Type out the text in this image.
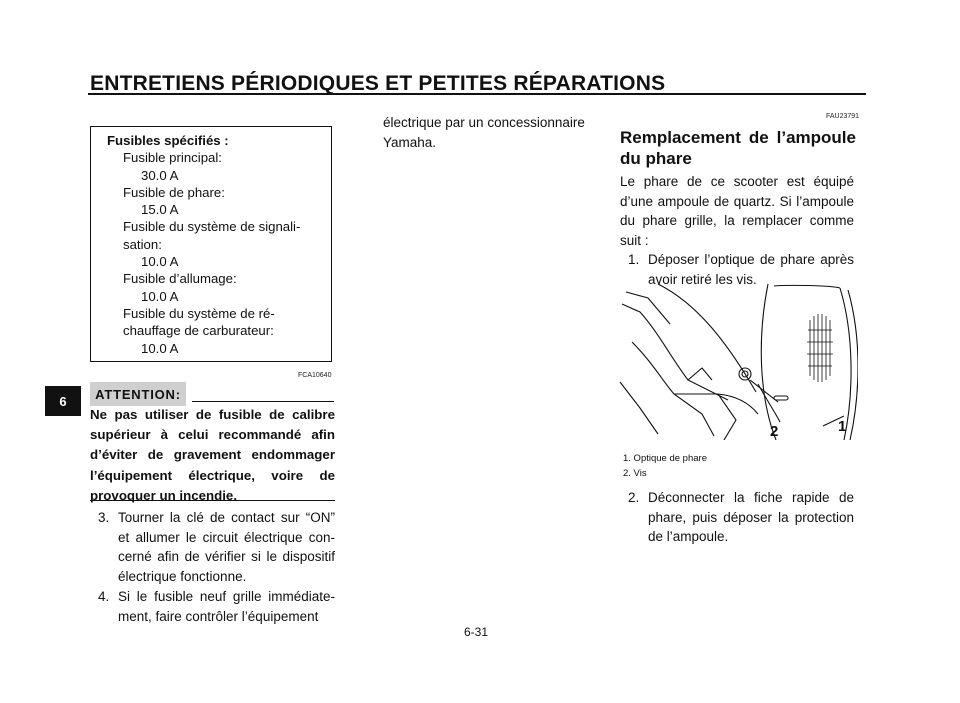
ENTRETIENS PÉRIODIQUES ET PETITES RÉPARATIONS
6
Fusibles spécifiés :
Fusible principal:
30.0 A
Fusible de phare:
15.0 A
Fusible du système de signali-
sation:
10.0 A
Fusible d’allumage:
10.0 A
Fusible du système de ré-
chauffage de carburateur:
10.0 A
FCA10640
ATTENTION:
Ne pas utiliser de fusible de calibre supérieur à celui recommandé afin d’éviter de gravement endommager l’équipement électrique, voire de provoquer un incendie.
3. Tourner la clé de contact sur “ON” et allumer le circuit électrique con-cerné afin de vérifier si le dispositif électrique fonctionne.
4. Si le fusible neuf grille immédiate-ment, faire contrôler l’équipement
électrique par un concessionnaire Yamaha.
FAU23791
Remplacement de l’ampoule du phare
Le phare de ce scooter est équipé d’une ampoule de quartz. Si l’ampoule du phare grille, la remplacer comme suit :
1. Déposer l’optique de phare après avoir retiré les vis.
2	1
1. Optique de phare
2. Vis
2. Déconnecter la fiche rapide de phare, puis déposer la protection de l’ampoule.
6-31
